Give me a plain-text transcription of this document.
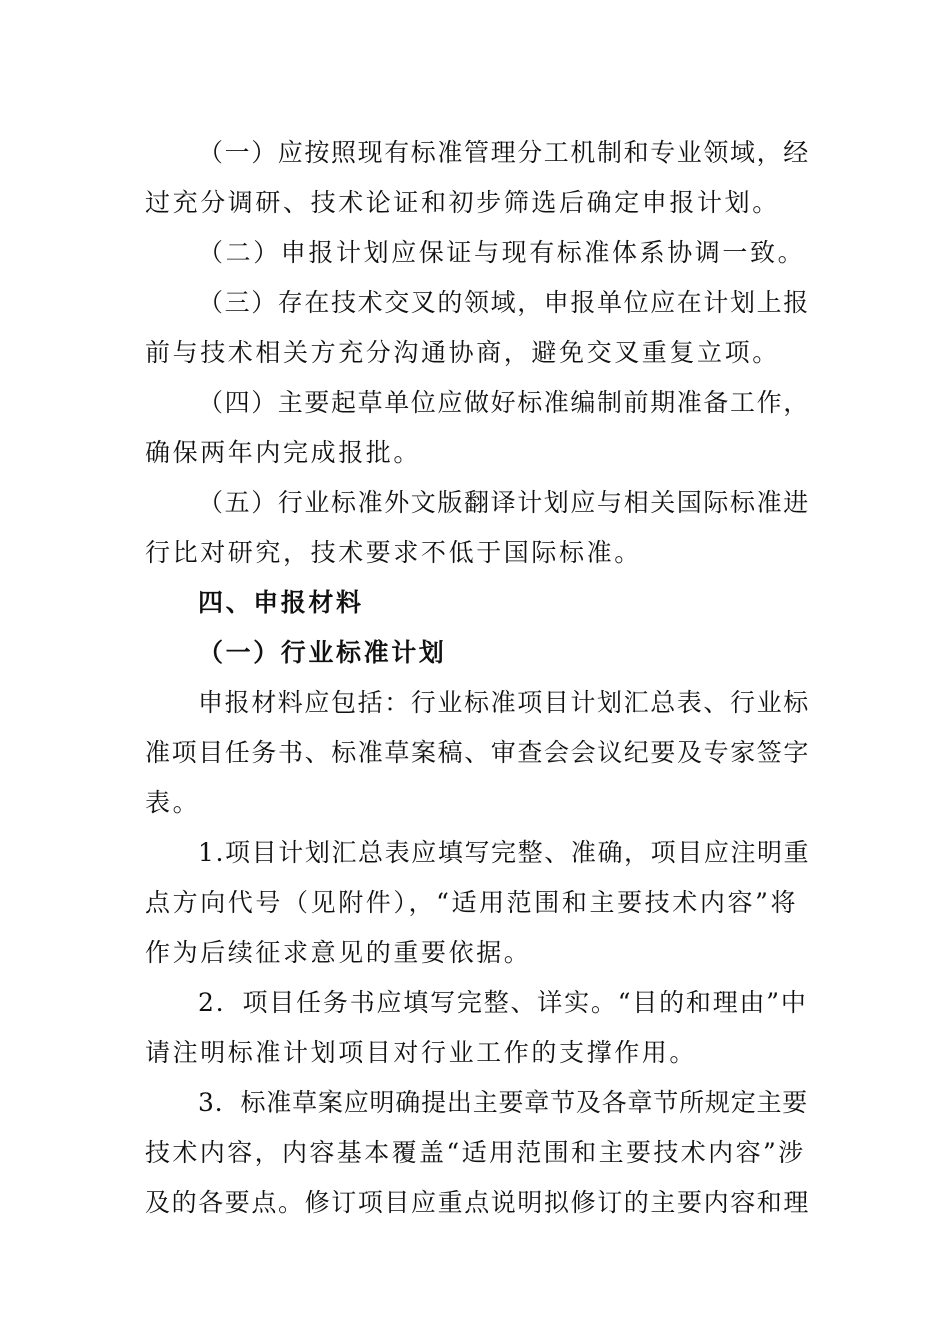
（一）应按照现有标准管理分工机制和专业领域，经
过充分调研、技术论证和初步筛选后确定申报计划。
（二）申报计划应保证与现有标准体系协调一致。
（三）存在技术交叉的领域，申报单位应在计划上报
前与技术相关方充分沟通协商，避免交叉重复立项。
（四）主要起草单位应做好标准编制前期准备工作，
确保两年内完成报批。
（五）行业标准外文版翻译计划应与相关国际标准进
行比对研究，技术要求不低于国际标准。
四、申报材料
（一）行业标准计划
申报材料应包括：行业标准项目计划汇总表、行业标
准项目任务书、标准草案稿、审查会会议纪要及专家签字
表。
1.项目计划汇总表应填写完整、准确，项目应注明重
点方向代号（见附件），“适用范围和主要技术内容”将
作为后续征求意见的重要依据。
2．项目任务书应填写完整、详实。“目的和理由”中
请注明标准计划项目对行业工作的支撑作用。
3．标准草案应明确提出主要章节及各章节所规定主要
技术内容，内容基本覆盖“适用范围和主要技术内容”涉
及的各要点。修订项目应重点说明拟修订的主要内容和理
